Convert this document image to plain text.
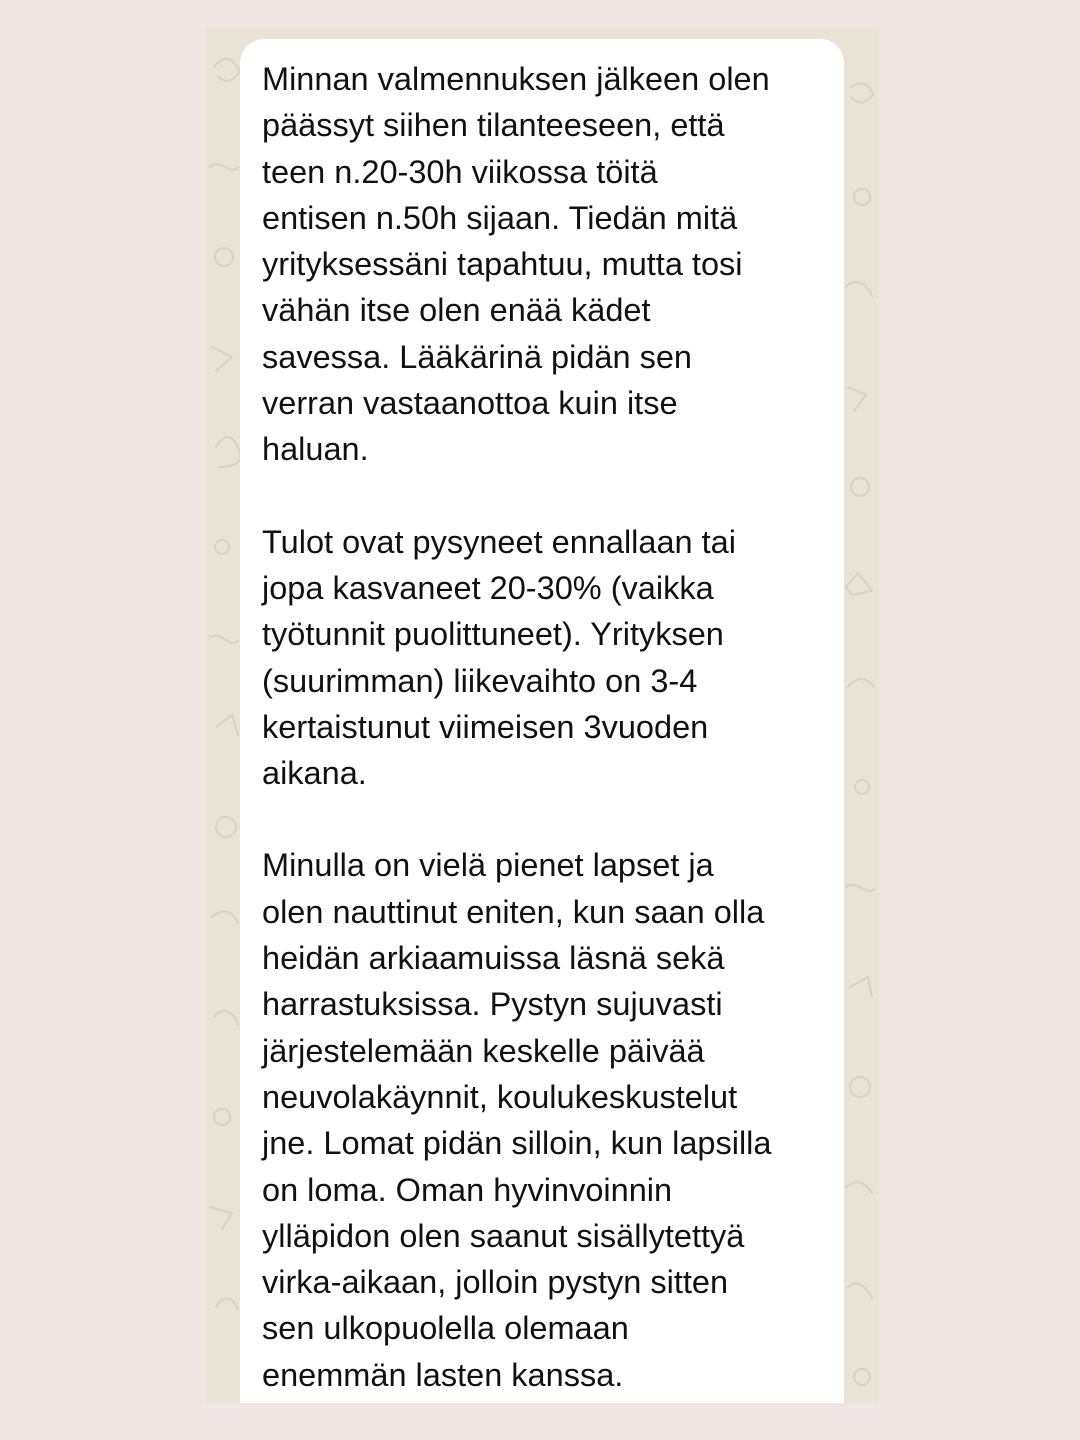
Minnan valmennuksen jälkeen olen
päässyt siihen tilanteeseen, että
teen n.20-30h viikossa töitä
entisen n.50h sijaan. Tiedän mitä
yrityksessäni tapahtuu, mutta tosi
vähän itse olen enää kädet
savessa. Lääkärinä pidän sen
verran vastaanottoa kuin itse
haluan.

Tulot ovat pysyneet ennallaan tai
jopa kasvaneet 20-30% (vaikka
työtunnit puolittuneet). Yrityksen
(suurimman) liikevaihto on 3-4
kertaistunut viimeisen 3vuoden
aikana.

Minulla on vielä pienet lapset ja
olen nauttinut eniten, kun saan olla
heidän arkiaamuissa läsnä sekä
harrastuksissa. Pystyn sujuvasti
järjestelemään keskelle päivää
neuvolakäynnit, koulukeskustelut
jne. Lomat pidän silloin, kun lapsilla
on loma. Oman hyvinvoinnin
ylläpidon olen saanut sisällytettyä
virka-aikaan, jolloin pystyn sitten
sen ulkopuolella olemaan
enemmän lasten kanssa.
